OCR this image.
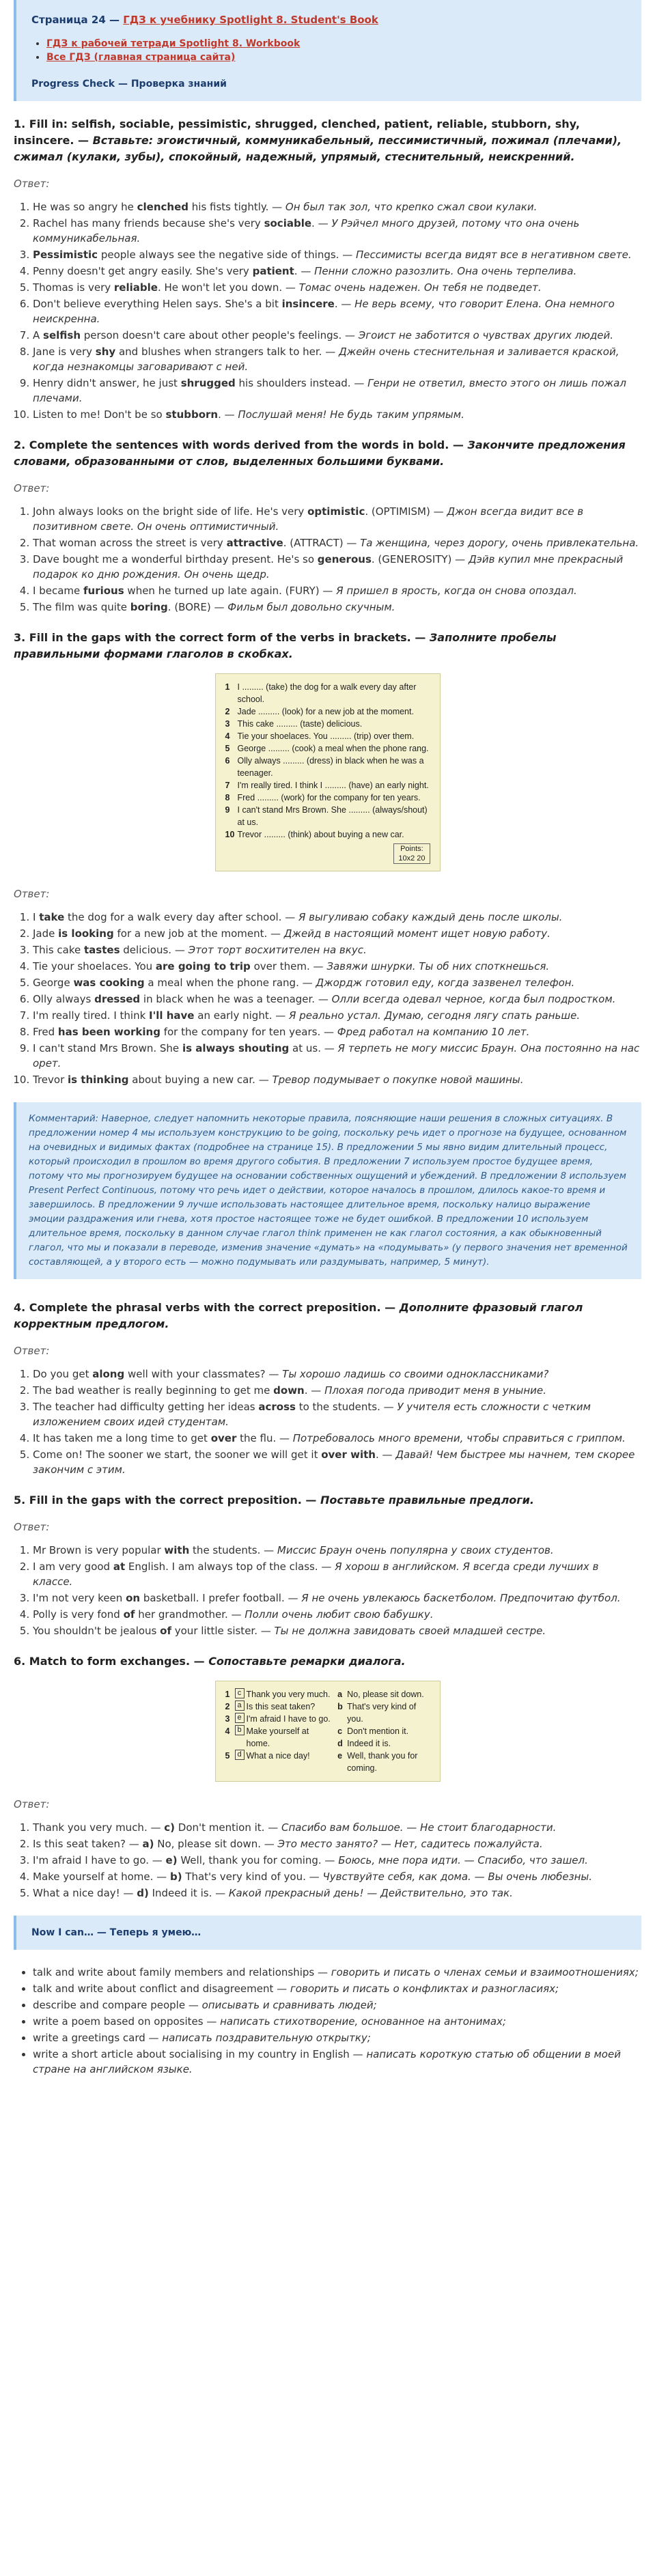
Страница 24 — ГДЗ к учебнику Spotlight 8. Student's Book
• ГДЗ к рабочей тетради Spotlight 8. Workbook
• Все ГДЗ (главная страница сайта)
Progress Check — Проверка знаний
1. Fill in: selfish, sociable, pessimistic, shrugged, clenched, patient, reliable, stubborn, shy, insincere. — Вставьте: эгоистичный, коммуникабельный, пессимистичный, пожимал (плечами), сжимал (кулаки, зубы), спокойный, надежный, упрямый, стеснительный, неискренний.
Ответ:
1. He was so angry he clenched his fists tightly. — Он был так зол, что крепко сжал свои кулаки.
2. Rachel has many friends because she's very sociable. — У Рэйчел много друзей, потому что она очень коммуникабельная.
3. Pessimistic people always see the negative side of things. — Пессимисты всегда видят все в негативном свете.
4. Penny doesn't get angry easily. She's very patient. — Пенни сложно разозлить. Она очень терпелива.
5. Thomas is very reliable. He won't let you down. — Томас очень надежен. Он тебя не подведет.
6. Don't believe everything Helen says. She's a bit insincere. — Не верь всему, что говорит Елена. Она немного неискренна.
7. A selfish person doesn't care about other people's feelings. — Эгоист не заботится о чувствах других людей.
8. Jane is very shy and blushes when strangers talk to her. — Джейн очень стеснительная и заливается краской, когда незнакомцы заговаривают с ней.
9. Henry didn't answer, he just shrugged his shoulders instead. — Генри не ответил, вместо этого он лишь пожал плечами.
10. Listen to me! Don't be so stubborn. — Послушай меня! Не будь таким упрямым.
2. Complete the sentences with words derived from the words in bold. — Закончите предложения словами, образованными от слов, выделенных большими буквами.
Ответ:
1. John always looks on the bright side of life. He's very optimistic. (OPTIMISM) — Джон всегда видит все в позитивном свете. Он очень оптимистичный.
2. That woman across the street is very attractive. (ATTRACT) — Та женщина, через дорогу, очень привлекательна.
3. Dave bought me a wonderful birthday present. He's so generous. (GENEROSITY) — Дэйв купил мне прекрасный подарок ко дню рождения. Он очень щедр.
4. I became furious when he turned up late again. (FURY) — Я пришел в ярость, когда он снова опоздал.
5. The film was quite boring. (BORE) — Фильм был довольно скучным.
3. Fill in the gaps with the correct form of the verbs in brackets. — Заполните пробелы правильными формами глаголов в скобках.
1 I ......... (take) the dog for a walk every day after school.
2 Jade ......... (look) for a new job at the moment.
3 This cake ......... (taste) delicious.
4 Tie your shoelaces. You ......... (trip) over them.
5 George ......... (cook) a meal when the phone rang.
6 Olly always ......... (dress) in black when he was a teenager.
7 I'm really tired. I think I ......... (have) an early night.
8 Fred ......... (work) for the company for ten years.
9 I can't stand Mrs Brown. She ......... (always/shout) at us.
10 Trevor ......... (think) about buying a new car.
Points:
10x2 20
Ответ:
1. I take the dog for a walk every day after school. — Я выгуливаю собаку каждый день после школы.
2. Jade is looking for a new job at the moment. — Джейд в настоящий момент ищет новую работу.
3. This cake tastes delicious. — Этот торт восхитителен на вкус.
4. Tie your shoelaces. You are going to trip over them. — Завяжи шнурки. Ты об них споткнешься.
5. George was cooking a meal when the phone rang. — Джордж готовил еду, когда зазвенел телефон.
6. Olly always dressed in black when he was a teenager. — Олли всегда одевал черное, когда был подростком.
7. I'm really tired. I think I'll have an early night. — Я реально устал. Думаю, сегодня лягу спать раньше.
8. Fred has been working for the company for ten years. — Фред работал на компанию 10 лет.
9. I can't stand Mrs Brown. She is always shouting at us. — Я терпеть не могу миссис Браун. Она постоянно на нас орет.
10. Trevor is thinking about buying a new car. — Тревор подумывает о покупке новой машины.
Комментарий: Наверное, следует напомнить некоторые правила, поясняющие наши решения в сложных ситуациях. В предложении номер 4 мы используем конструкцию to be going, поскольку речь идет о прогнозе на будущее, основанном на очевидных и видимых фактах (подробнее на странице 15). В предложении 5 мы явно видим длительный процесс, который происходил в прошлом во время другого события. В предложении 7 используем простое будущее время, потому что мы прогнозируем будущее на основании собственных ощущений и убеждений. В предложении 8 используем Present Perfect Continuous, потому что речь идет о действии, которое началось в прошлом, длилось какое-то время и завершилось. В предложении 9 лучше использовать настоящее длительное время, поскольку налицо выражение эмоции раздражения или гнева, хотя простое настоящее тоже не будет ошибкой. В предложении 10 используем длительное время, поскольку в данном случае глагол think применен не как глагол состояния, а как обыкновенный глагол, что мы и показали в переводе, изменив значение «думать» на «подумывать» (у первого значения нет временной составляющей, а у второго есть — можно подумывать или раздумывать, например, 5 минут).
4. Complete the phrasal verbs with the correct preposition. — Дополните фразовый глагол корректным предлогом.
Ответ:
1. Do you get along well with your classmates? — Ты хорошо ладишь со своими одноклассниками?
2. The bad weather is really beginning to get me down. — Плохая погода приводит меня в уныние.
3. The teacher had difficulty getting her ideas across to the students. — У учителя есть сложности с четким изложением своих идей студентам.
4. It has taken me a long time to get over the flu. — Потребовалось много времени, чтобы справиться с гриппом.
5. Come on! The sooner we start, the sooner we will get it over with. — Давай! Чем быстрее мы начнем, тем скорее закончим с этим.
5. Fill in the gaps with the correct preposition. — Поставьте правильные предлоги.
Ответ:
1. Mr Brown is very popular with the students. — Миссис Браун очень популярна у своих студентов.
2. I am very good at English. I am always top of the class. — Я хорош в английском. Я всегда среди лучших в классе.
3. I'm not very keen on basketball. I prefer football. — Я не очень увлекаюсь баскетболом. Предпочитаю футбол.
4. Polly is very fond of her grandmother. — Полли очень любит свою бабушку.
5. You shouldn't be jealous of your little sister. — Ты не должна завидовать своей младшей сестре.
6. Match to form exchanges. — Сопоставьте ремарки диалога.
1	c Thank you very much.
2 a Is this seat taken?
3 e I'm afraid I have to go.
4 b Make yourself at home.
5 d What a nice day!
a No, please sit down.
b That's very kind of you.
c Don't mention it.
d Indeed it is.
e Well, thank you for coming.
Ответ:
1. Thank you very much. — c) Don't mention it. — Спасибо вам большое. — Не стоит благодарности.
2. Is this seat taken? — a) No, please sit down. — Это место занято? — Нет, садитесь пожалуйста.
3. I'm afraid I have to go. — e) Well, thank you for coming. — Боюсь, мне пора идти. — Спасибо, что зашел.
4. Make yourself at home. — b) That's very kind of you. — Чувствуйте себя, как дома. — Вы очень любезны.
5. What a nice day! — d) Indeed it is. — Какой прекрасный день! — Действительно, это так.
Now I can… — Теперь я умею…
• talk and write about family members and relationships — говорить и писать о членах семьи и взаимоотношениях;
• talk and write about conflict and disagreement — говорить и писать о конфликтах и разногласиях;
• describe and compare people — описывать и сравнивать людей;
• write a poem based on opposites — написать стихотворение, основанное на антонимах;
• write a greetings card — написать поздравительную открытку;
• write a short article about socialising in my country in English — написать короткую статью об общении в моей стране на английском языке.
